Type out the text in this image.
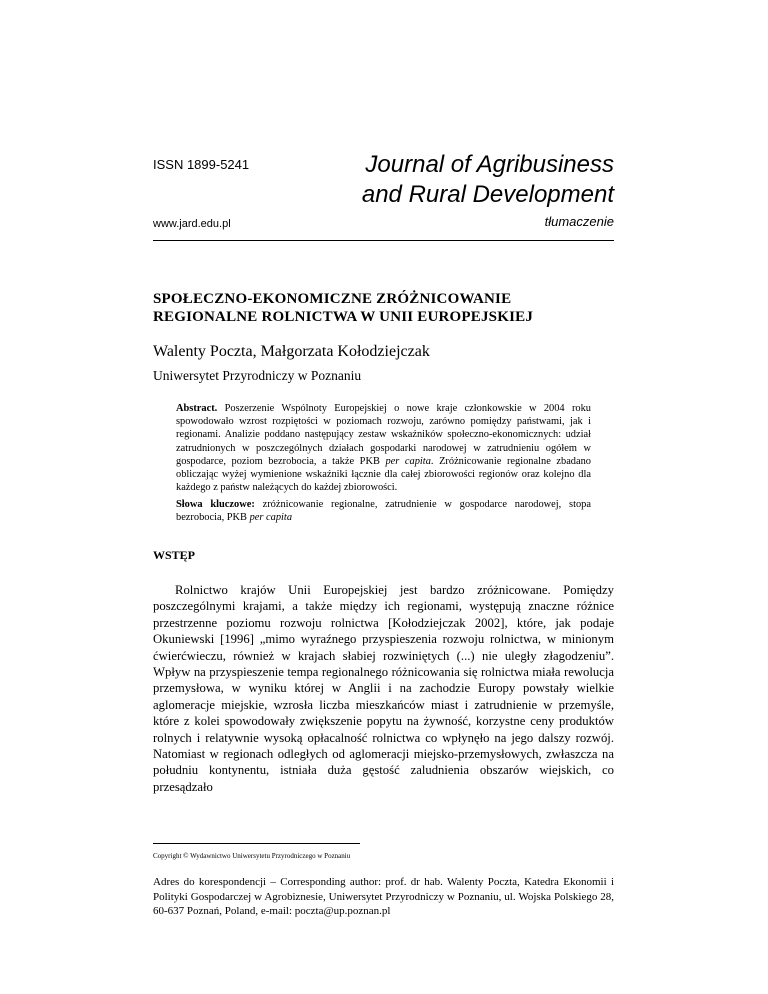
ISSN 1899-5241	Journal of Agribusiness
and Rural Development
www.jard.edu.pl	tłumaczenie
SPOŁECZNO-EKONOMICZNE ZRÓŻNICOWANIE
REGIONALNE ROLNICTWA W UNII EUROPEJSKIEJ
Walenty Poczta, Małgorzata Kołodziejczak
Uniwersytet Przyrodniczy w Poznaniu
Abstract. Poszerzenie Wspólnoty Europejskiej o nowe kraje członkowskie w 2004 roku spowodowało wzrost rozpiętości w poziomach rozwoju, zarówno pomiędzy państwami, jak i regionami. Analizie poddano następujący zestaw wskaźników społeczno-ekonomicznych: udział zatrudnionych w poszczególnych działach gospodarki narodowej w zatrudnieniu ogółem w gospodarce, poziom bezrobocia, a także PKB per capita. Zróżnicowanie regionalne zbadano obliczając wyżej wymienione wskaźniki łącznie dla całej zbiorowości regionów oraz kolejno dla każdego z państw należących do każdej zbiorowości.
Słowa kluczowe: zróżnicowanie regionalne, zatrudnienie w gospodarce narodowej, stopa bezrobocia, PKB per capita
WSTĘP

Rolnictwo krajów Unii Europejskiej jest bardzo zróżnicowane. Pomiędzy poszczególnymi krajami, a także między ich regionami, występują znaczne różnice przestrzenne poziomu rozwoju rolnictwa [Kołodziejczak 2002], które, jak podaje Okuniewski [1996] „mimo wyraźnego przyspieszenia rozwoju rolnictwa, w minionym ćwierćwieczu, również w krajach słabiej rozwiniętych (...) nie uległy złagodzeniu”. Wpływ na przyspieszenie tempa regionalnego różnicowania się rolnictwa miała rewolucja przemysłowa, w wyniku której w Anglii i na zachodzie Europy powstały wielkie aglomeracje miejskie, wzrosła liczba mieszkańców miast i zatrudnienie w przemyśle, które z kolei spowodowały zwiększenie popytu na żywność, korzystne ceny produktów rolnych i relatywnie wysoką opłacalność rolnictwa co wpłynęło na jego dalszy rozwój. Natomiast w regionach odległych od aglomeracji miejsko-przemysłowych, zwłaszcza na południu kontynentu, istniała duża gęstość zaludnienia obszarów wiejskich, co przesądzało

Copyright © Wydawnictwo Uniwersytetu Przyrodniczego w Poznaniu
Adres do korespondencji – Corresponding author: prof. dr hab. Walenty Poczta, Katedra Ekonomii i Polityki Gospodarczej w Agrobiznesie, Uniwersytet Przyrodniczy w Poznaniu, ul. Wojska Polskiego 28, 60-637 Poznań, Poland, e-mail: poczta@up.poznan.pl
